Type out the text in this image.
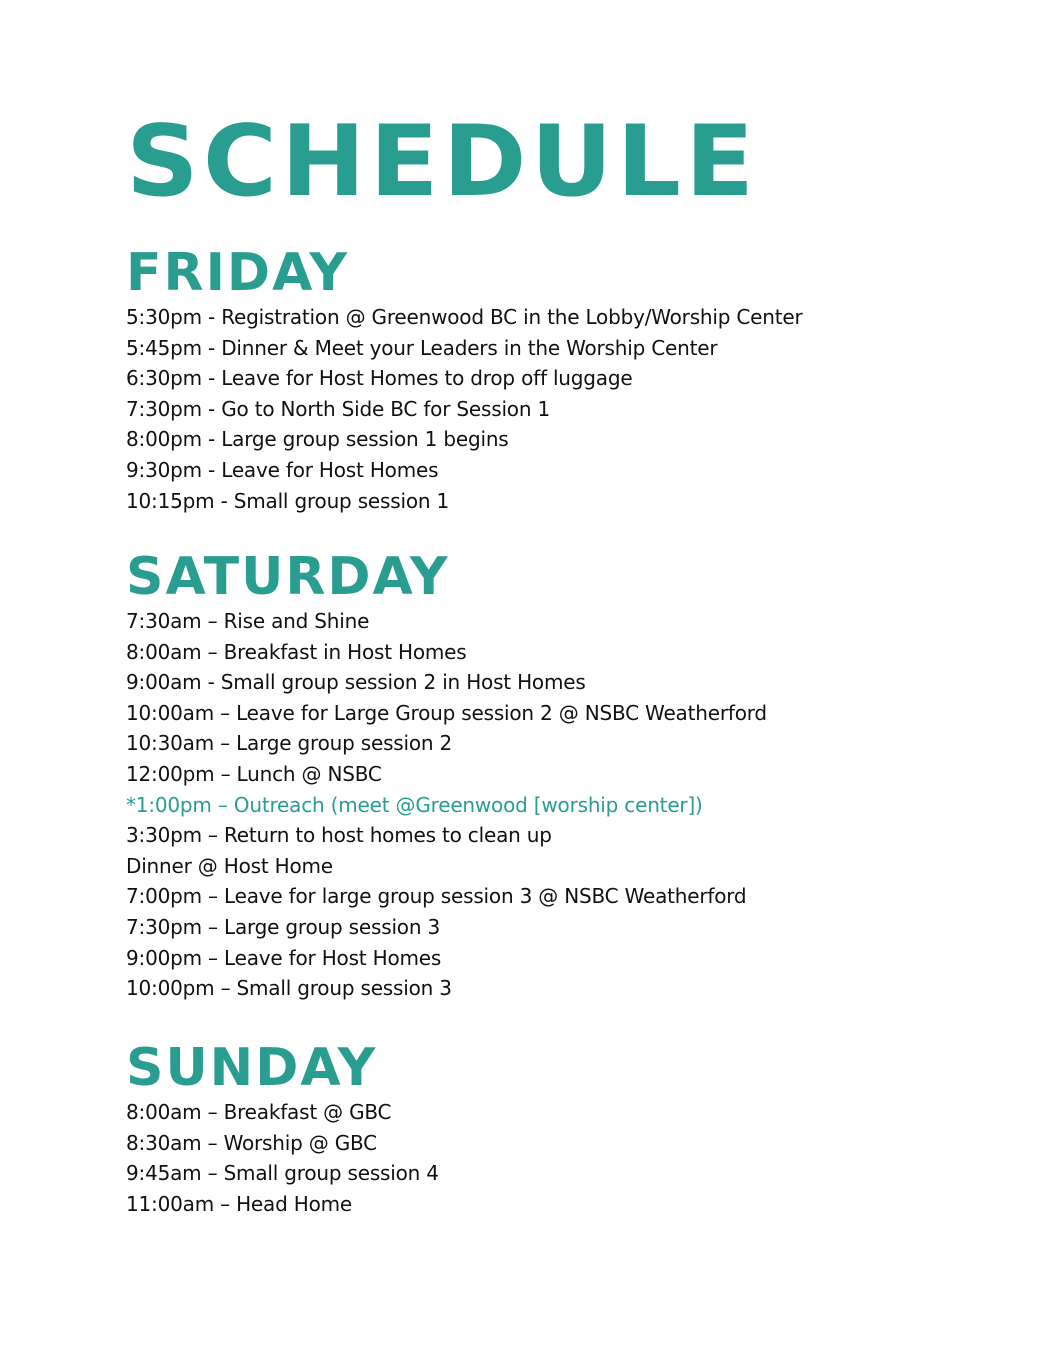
SCHEDULE
FRIDAY
5:30pm - Registration @ Greenwood BC in the Lobby/Worship Center
5:45pm - Dinner & Meet your Leaders in the Worship Center
6:30pm - Leave for Host Homes to drop off luggage
7:30pm - Go to North Side BC for Session 1
8:00pm - Large group session 1 begins
9:30pm - Leave for Host Homes
10:15pm - Small group session 1
SATURDAY
7:30am – Rise and Shine
8:00am – Breakfast in Host Homes
9:00am - Small group session 2 in Host Homes
10:00am – Leave for Large Group session 2 @ NSBC Weatherford
10:30am – Large group session 2
12:00pm – Lunch @ NSBC
*1:00pm – Outreach (meet @Greenwood [worship center])
3:30pm – Return to host homes to clean up
Dinner @ Host Home
7:00pm – Leave for large group session 3 @ NSBC Weatherford
7:30pm – Large group session 3
9:00pm – Leave for Host Homes
10:00pm – Small group session 3
SUNDAY
8:00am – Breakfast @ GBC
8:30am – Worship @ GBC
9:45am – Small group session 4
11:00am – Head Home
